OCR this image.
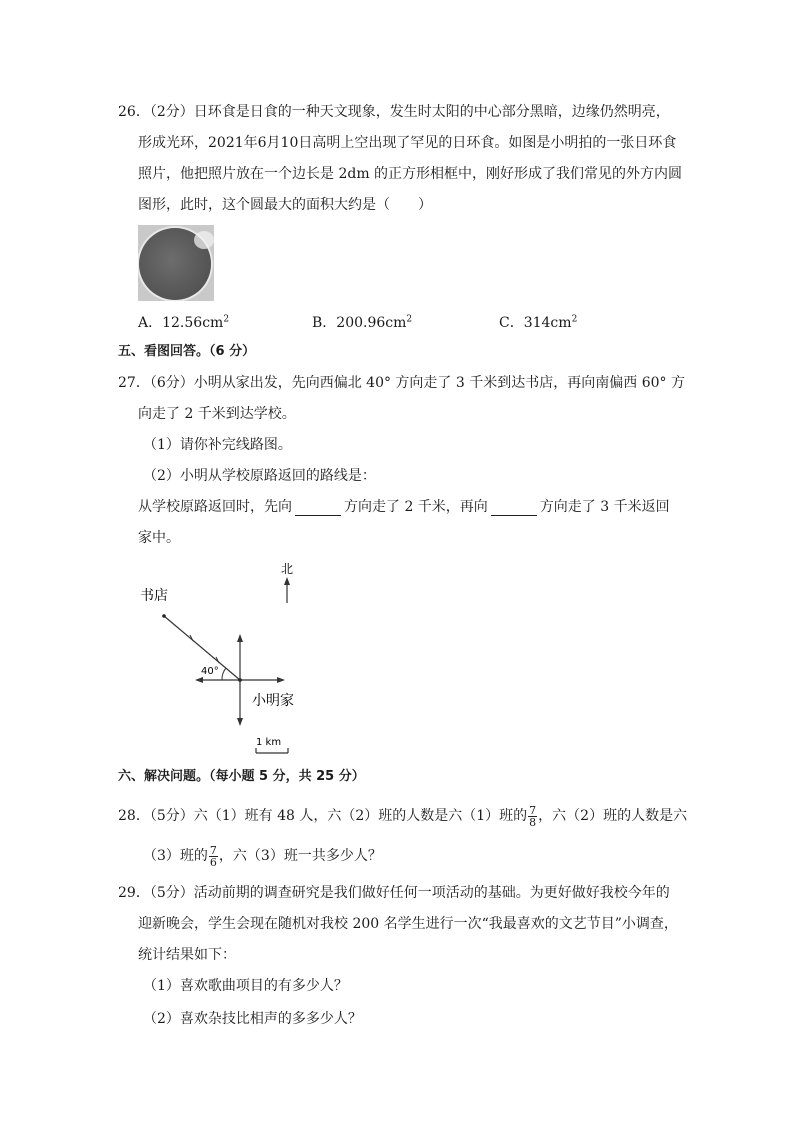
26．（2分）日环食是日食的一种天文现象，发生时太阳的中心部分黑暗，边缘仍然明亮，
形成光环，2021年6月10日高明上空出现了罕见的日环食。如图是小明拍的一张日环食
照片，他把照片放在一个边长是 2dm 的正方形相框中，刚好形成了我们常见的外方内圆
图形，此时，这个圆最大的面积大约是（　　）
A．$12.56cm^2$	B．$200.96cm^2$	C．$314cm^2$
五、看图回答。（6 分）
27．（6分）小明从家出发，先向西偏北 40° 方向走了 3 千米到达书店，再向南偏西 60° 方
向走了 2 千米到达学校。
（1）请你补完线路图。
（2）小明从学校原路返回的路线是：
从学校原路返回时，先向	方向走了 2 千米，再向	方向走了 3 千米返回
家中。
北
书店
40°
小明家
1 km
六、解决问题。（每小题 5 分，共 25 分）
28．（5分）六（1）班有 48 人，六（2）班的人数是六（1）班的 $\frac{7}{8}$ ，六（2）班的人数是六
（3）班的 $\frac{7}{6}$ ，六（3）班一共多少人？
29．（5分）活动前期的调查研究是我们做好任何一项活动的基础。为更好做好我校今年的
迎新晚会，学生会现在随机对我校 200 名学生进行一次“我最喜欢的文艺节目”小调查，
统计结果如下：
（1）喜欢歌曲项目的有多少人？
（2）喜欢杂技比相声的多多少人？
